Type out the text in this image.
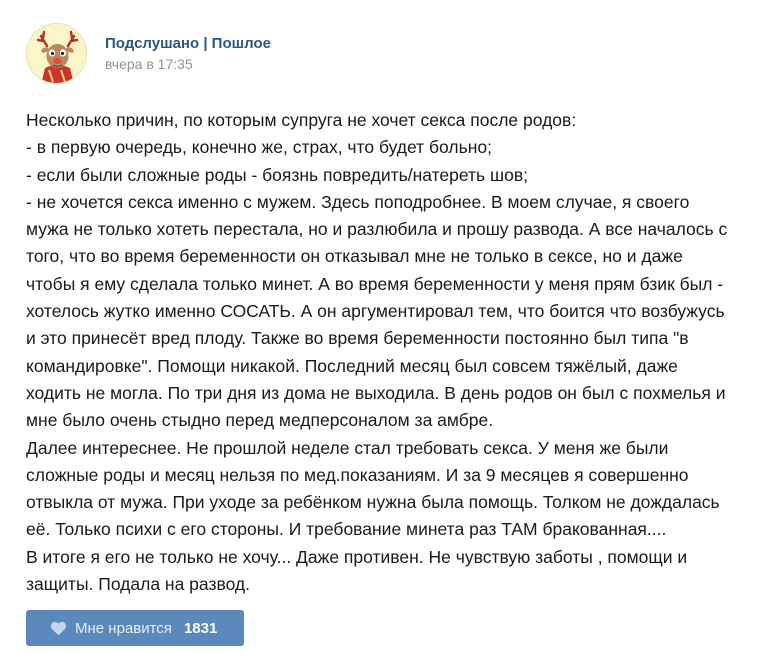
Подслушано | Пошлое
вчера в 17:35
Несколько причин, по которым супруга не хочет секса после родов:
- в первую очередь, конечно же, страх, что будет больно;
- если были сложные роды - боязнь повредить/натереть шов;
- не хочется секса именно с мужем. Здесь поподробнее. В моем случае, я своего
мужа не только хотеть перестала, но и разлюбила и прошу развода. А все началось с
того, что во время беременности он отказывал мне не только в сексе, но и даже
чтобы я ему сделала только минет. А во время беременности у меня прям бзик был -
хотелось жутко именно СОСАТЬ. А он аргументировал тем, что боится что возбужусь
и это принесёт вред плоду. Также во время беременности постоянно был типа "в
командировке". Помощи никакой. Последний месяц был совсем тяжёлый, даже
ходить не могла. По три дня из дома не выходила. В день родов он был с похмелья и
мне было очень стыдно перед медперсоналом за амбре.
Далее интереснее. Не прошлой неделе стал требовать секса. У меня же были
сложные роды и месяц нельзя по мед.показаниям. И за 9 месяцев я совершенно
отвыкла от мужа. При уходе за ребёнком нужна была помощь. Толком не дождалась
её. Только психи с его стороны. И требование минета раз ТАМ бракованная....
В итоге я его не только не хочу... Даже противен. Не чувствую заботы , помощи и
защиты. Подала на развод.
Мне нравится 1831
